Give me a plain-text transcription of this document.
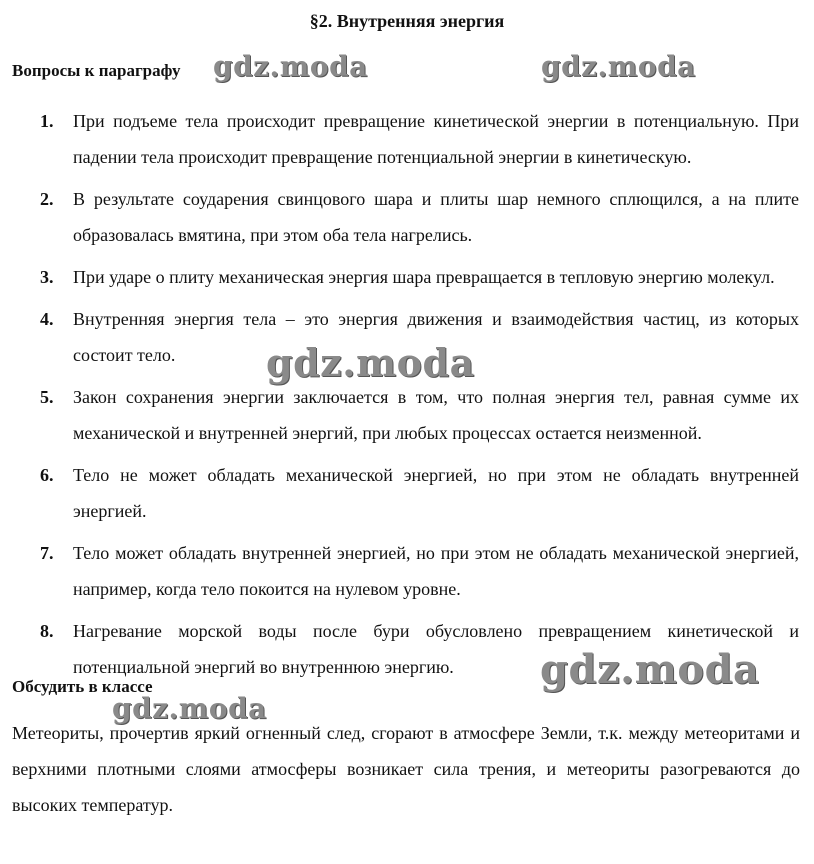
§2. Внутренняя энергия
Вопросы к параграфу
1. При подъеме тела происходит превращение кинетической энергии в потенциальную. При падении тела происходит превращение потенциальной энергии в кинетическую.
2. В результате соударения свинцового шара и плиты шар немного сплющился, а на плите образовалась вмятина, при этом оба тела нагрелись.
3. При ударе о плиту механическая энергия шара превращается в тепловую энергию молекул.
4. Внутренняя энергия тела – это энергия движения и взаимодействия частиц, из которых состоит тело.
5. Закон сохранения энергии заключается в том, что полная энергия тел, равная сумме их механической и внутренней энергий, при любых процессах остается неизменной.
6. Тело не может обладать механической энергией, но при этом не обладать внутренней энергией.
7. Тело может обладать внутренней энергией, но при этом не обладать механической энергией, например, когда тело покоится на нулевом уровне.
8. Нагревание морской воды после бури обусловлено превращением кинетической и потенциальной энергий во внутреннюю энергию.
Обсудить в классе
Метеориты, прочертив яркий огненный след, сгорают в атмосфере Земли, т.к. между метеоритами и верхними плотными слоями атмосферы возникает сила трения, и метеориты разогреваются до высоких температур.
gdz.moda	gdz.moda
gdz.moda
gdz.moda
gdz.moda
